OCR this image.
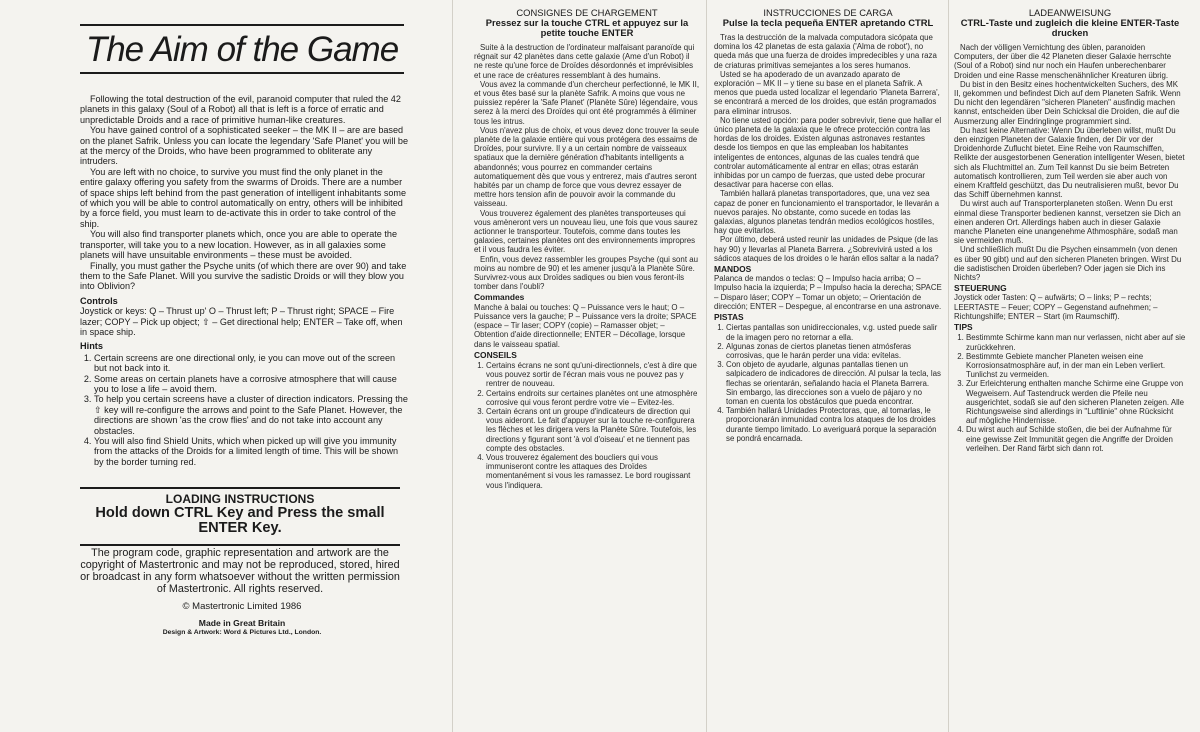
The Aim of the Game

Following the total destruction of the evil, paranoid computer that ruled the 42 planets in this galaxy (Soul of a Robot) all that is left is a force of erratic and unpredictable Droids and a race of primitive human-like creatures.

You have gained control of a sophisticated seeker – the MK II – are are based on the planet Safrik. Unless you can locate the legendary 'Safe Planet' you will be at the mercy of the Droids, who have been programmed to obliterate any intruders.

You are left with no choice, to survive you must find the only planet in the entire galaxy offering you safety from the swarms of Droids. There are a number of space ships left behind from the past generation of intelligent inhabitants some of which you will be able to control automatically on entry, others will be inhibited by a force field, you must learn to de-activate this in order to take control of the ship.

You will also find transporter planets which, once you are able to operate the transporter, will take you to a new location. However, as in all galaxies some planets will have unsuitable environments – these must be avoided.

Finally, you must gather the Psyche units (of which there are over 90) and take them to the Safe Planet. Will you survive the sadistic Droids or will they blow you into Oblivion?

Controls

Joystick or keys: Q – Thrust up' O – Thrust left; P – Thrust right; SPACE – Fire lazer; COPY – Pick up object; ⇧ – Get directional help; ENTER – Take off, when in space ship.

Hints
1. Certain screens are one directional only, ie you can move out of the screen but not back into it.
2. Some areas on certain planets have a corrosive atmosphere that will cause you to lose a life – avoid them.
3. To help you certain screens have a cluster of direction indicators. Pressing the ⇧ key will re-configure the arrows and point to the Safe Planet. However, the directions are shown 'as the crow flies' and do not take into account any obstacles.
4. You will also find Shield Units, which when picked up will give you immunity from the attacks of the Droids for a limited length of time. This will be shown by the border turning red.
LOADING INSTRUCTIONS
Hold down CTRL Key and Press the small ENTER Key.
The program code, graphic representation and artwork are the copyright of Mastertronic and may not be reproduced, stored, hired or broadcast in any form whatsoever without the written permission of Mastertronic. All rights reserved.
© Mastertronic Limited 1986
Made in Great Britain
Design & Artwork: Word & Pictures Ltd., London.
CONSIGNES DE CHARGEMENT
Pressez sur la touche CTRL et appuyez sur la petite touche ENTER

Suite à la destruction de l'ordinateur malfaisant paranoïde qui régnait sur 42 planètes dans cette galaxie (Ame d'un Robot) il ne reste qu'une force de Droïdes désordonnés et imprévisibles et une race de créatures ressemblant à des humains.

Vous avez la commande d'un chercheur perfectionné, le MK II, et vous êtes basé sur la planète Safrik. A moins que vous ne puissiez repérer la 'Safe Planet' (Planète Sûre) légendaire, vous serez à la merci des Droïdes qui ont été programmés à éliminer tous les intrus.

Vous n'avez plus de choix, et vous devez donc trouver la seule planète de la galaxie entière qui vous protégera des essaims de Droïdes, pour survivre. Il y a un certain nombre de vaisseaux spatiaux que la dernière génération d'habitants intelligents a abandonnés; vous pourrez en commander certains automatiquement dès que vous y entrerez, mais d'autres seront habités par un champ de force que vous devrez essayer de mettre hors tension afin de pouvoir avoir la commande du vaisseau.

Vous trouverez également des planètes transporteuses qui vous amèneront vers un nouveau lieu, une fois que vous saurez actionner le transporteur. Toutefois, comme dans toutes les galaxies, certaines planètes ont des environnements impropres et il vous faudra les éviter.

Enfin, vous devez rassembler les groupes Psyche (qui sont au moins au nombre de 90) et les amener jusqu'à la Planète Sûre. Survivrez-vous aux Droïdes sadiques ou bien vous feront-ils tomber dans l'oubli?

Commandes

Manche à balai ou touches: Q – Puissance vers le haut; O – Puissance vers la gauche; P – Puissance vers la droite; SPACE (espace – Tir laser; COPY (copie) – Ramasser objet; – Obtention d'aide directionnelle; ENTER – Décollage, lorsque dans le vaisseau spatial.

CONSEILS
1. Certains écrans ne sont qu'uni-directionnels, c'est à dire que vous pouvez sortir de l'écran mais vous ne pouvez pas y rentrer de nouveau.
2. Certains endroits sur certaines planètes ont une atmosphère corrosive qui vous feront perdre votre vie – Evitez-les.
3. Certain écrans ont un groupe d'indicateurs de direction qui vous aideront. Le fait d'appuyer sur la touche re-configurera les flèches et les dirigera vers la Planète Sûre. Toutefois, les directions y figurant sont 'à vol d'oiseau' et ne tiennent pas compte des obstacles.
4. Vous trouverez également des boucliers qui vous immuniseront contre les attaques des Droïdes momentanément si vous les ramassez. Le bord rougissant vous l'indiquera.
INSTRUCCIONES DE CARGA
Pulse la tecla pequeña ENTER apretando CTRL

Tras la destrucción de la malvada computadora sicópata que domina los 42 planetas de esta galaxia ('Alma de robot'), no queda más que una fuerza de droides impredecibles y una raza de criaturas primitivas semejantes a los seres humanos.

Usted se ha apoderado de un avanzado aparato de exploración – MK II – y tiene su base en el planeta Safrik. A menos que pueda usted localizar el legendario 'Planeta Barrera', se encontrará a merced de los droides, que están programados para eliminar intrusos.

No tiene usted opción: para poder sobrevivir, tiene que hallar el único planeta de la galaxia que le ofrece protección contra las hordas de los droides. Existen algunas astronaves restantes desde los tiempos en que las empleaban los habitantes inteligentes de entonces, algunas de las cuales tendrá que controlar automáticamente al entrar en ellas; otras estarán inhibidas por un campo de fuerzas, que usted debe procurar desactivar para hacerse con ellas.

También hallará planetas transportadores, que, una vez sea capaz de poner en funcionamiento el transportador, le llevarán a nuevos parajes. No obstante, como sucede en todas las galaxias, algunos planetas tendrán medios ecológicos hostiles, hay que evitarlos.

Por último, deberá usted reunir las unidades de Psique (de las hay 90) y llevarlas al Planeta Barrera. ¿Sobrevivirá usted a los sádicos ataques de los droides o le harán ellos saltar a la nada?

MANDOS

Palanca de mandos o teclas: Q – Impulso hacia arriba; O – Impulso hacia la izquierda; P – Impulso hacia la derecha; SPACE – Disparo láser; COPY – Tomar un objeto; – Orientación de dirección; ENTER – Despegue, al encontrarse en una astronave.

PISTAS
1. Ciertas pantallas son unidireccionales, v.g. usted puede salir de la imagen pero no retornar a ella.
2. Algunas zonas de ciertos planetas tienen atmósferas corrosivas, que le harán perder una vida: evítelas.
3. Con objeto de ayudarle, algunas pantallas tienen un salpicadero de indicadores de dirección. Al pulsar la tecla, las flechas se orientarán, señalando hacia el Planeta Barrera. Sin embargo, las direcciones son a vuelo de pájaro y no toman en cuenta los obstáculos que pueda encontrar.
4. También hallará Unidades Protectoras, que, al tomarlas, le proporcionarán inmunidad contra los ataques de los droides durante tiempo limitado. Lo averiguará porque la separación se pondrá encarnada.
LADEANWEISUNG
CTRL-Taste und zugleich die kleine ENTER-Taste drucken

Nach der völligen Vernichtung des üblen, paranoiden Computers, der über die 42 Planeten dieser Galaxie herrschte (Soul of a Robot) sind nur noch ein Haufen unberechenbarer Droiden und eine Rasse menschenähnlicher Kreaturen übrig.

Du bist in den Besitz eines hochentwickelten Suchers, des MK II, gekommen und befindest Dich auf dem Planeten Safrik. Wenn Du nicht den legendären "sicheren Planeten" ausfindig machen kannst, entscheiden über Dein Schicksal die Droiden, die auf die Ausmerzung aller Eindringlinge programmiert sind.

Du hast keine Alternative: Wenn Du überleben willst, mußt Du den einzigen Planeten der Galaxie finden, der Dir vor der Droidenhorde Zuflucht bietet. Eine Reihe von Raumschiffen, Relikte der ausgestorbenen Generation intelligenter Wesen, bietet sich als Fluchtmittel an. Zum Teil kannst Du sie beim Betreten automatisch kontrollieren, zum Teil werden sie aber auch von einem Kraftfeld geschützt, das Du neutralisieren mußt, bevor Du das Schiff übernehmen kannst.

Du wirst auch auf Transporterplaneten stoßen. Wenn Du erst einmal diese Transporter bedienen kannst, versetzen sie Dich an einen anderen Ort. Allerdings haben auch in dieser Galaxie manche Planeten eine unangenehme Athmosphäre, sodaß man sie vermeiden muß.

Und schließlich mußt Du die Psychen einsammeln (von denen es über 90 gibt) und auf den sicheren Planeten bringen. Wirst Du die sadistischen Droiden überleben? Oder jagen sie Dich ins Nichts?

STEUERUNG

Joystick oder Tasten: Q – aufwärts; O – links; P – rechts; LEERTASTE – Feuer; COPY – Gegenstand aufnehmen; – Richtungshilfe; ENTER – Start (im Raumschiff).

TIPS
1. Bestimmte Schirme kann man nur verlassen, nicht aber auf sie zurückkehren.
2. Bestimmte Gebiete mancher Planeten weisen eine Korrosionsatmosphäre auf, in der man ein Leben verliert. Tunlichst zu vermeiden.
3. Zur Erleichterung enthalten manche Schirme eine Gruppe von Wegweisern. Auf Tastendruck werden die Pfeile neu ausgerichtet, sodaß sie auf den sicheren Planeten zeigen. Alle Richtungsweise sind allerdings in "Luftlinie" ohne Rücksicht auf mögliche Hindernisse.
4. Du wirst auch auf Schilde stoßen, die bei der Aufnahme für eine gewisse Zeit Immunität gegen die Angriffe der Droiden verleihen. Der Rand färbt sich dann rot.
